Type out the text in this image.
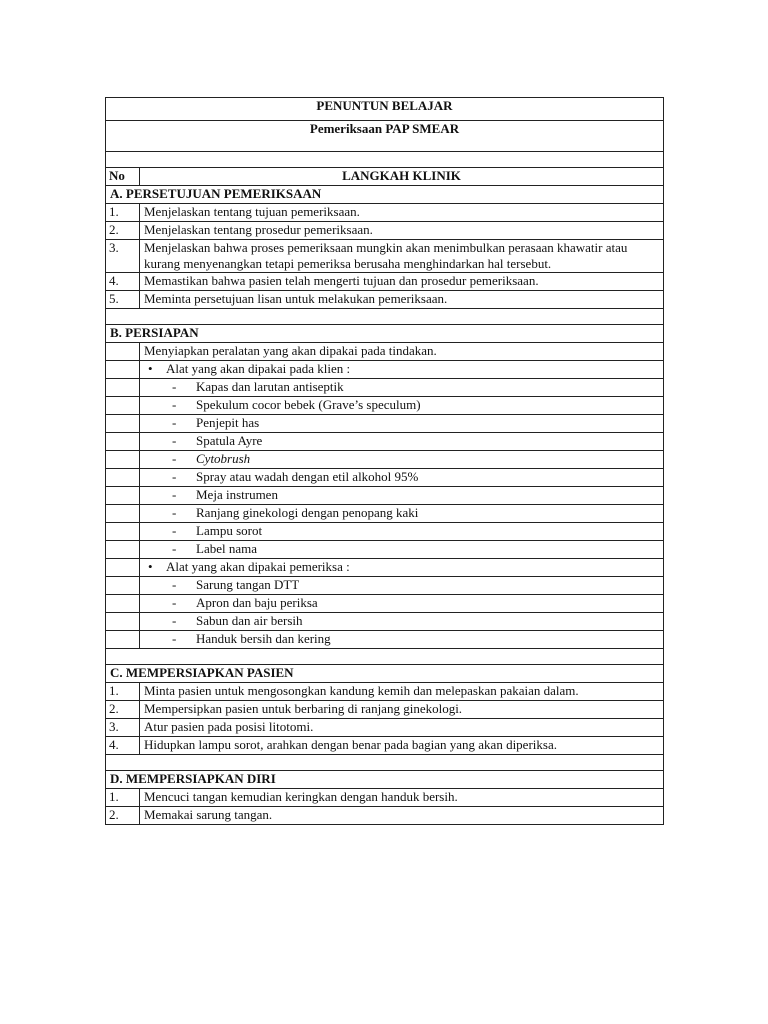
PENUNTUN BELAJAR	
Pemeriksaan PAP SMEAR	

No	LANGKAH KLINIK
A. PERSETUJUAN PEMERIKSAAN	
1.	Menjelaskan tentang tujuan pemeriksaan.
2.	Menjelaskan tentang prosedur pemeriksaan.
3.	Menjelaskan bahwa proses pemeriksaan mungkin akan menimbulkan perasaan khawatir atau kurang menyenangkan tetapi pemeriksa berusaha menghindarkan hal tersebut.
4.	Memastikan bahwa pasien telah mengerti tujuan dan prosedur pemeriksaan.
5.	Meminta persetujuan lisan untuk melakukan pemeriksaan.

B. PERSIAPAN	
	Menyiapkan peralatan yang akan dipakai pada tindakan.
	• Alat yang akan dipakai pada klien :
	- Kapas dan larutan antiseptik
	- Spekulum cocor bebek (Grave’s speculum)
	- Penjepit has
	- Spatula Ayre
	- Cytobrush
	- Spray atau wadah dengan etil alkohol 95%
	- Meja instrumen
	- Ranjang ginekologi dengan penopang kaki
	- Lampu sorot
	- Label nama
	• Alat yang akan dipakai pemeriksa :
	- Sarung tangan DTT
	- Apron dan baju periksa
	- Sabun dan air bersih
	- Handuk bersih dan kering

C. MEMPERSIAPKAN PASIEN	
1.	Minta pasien untuk mengosongkan kandung kemih dan melepaskan pakaian dalam.
2.	Mempersipkan pasien untuk berbaring di ranjang ginekologi.
3.	Atur pasien pada posisi litotomi.
4.	Hidupkan lampu sorot, arahkan dengan benar pada bagian yang akan diperiksa.

D. MEMPERSIAPKAN DIRI	
1.	Mencuci tangan kemudian keringkan dengan handuk bersih.
2.	Memakai sarung tangan.
